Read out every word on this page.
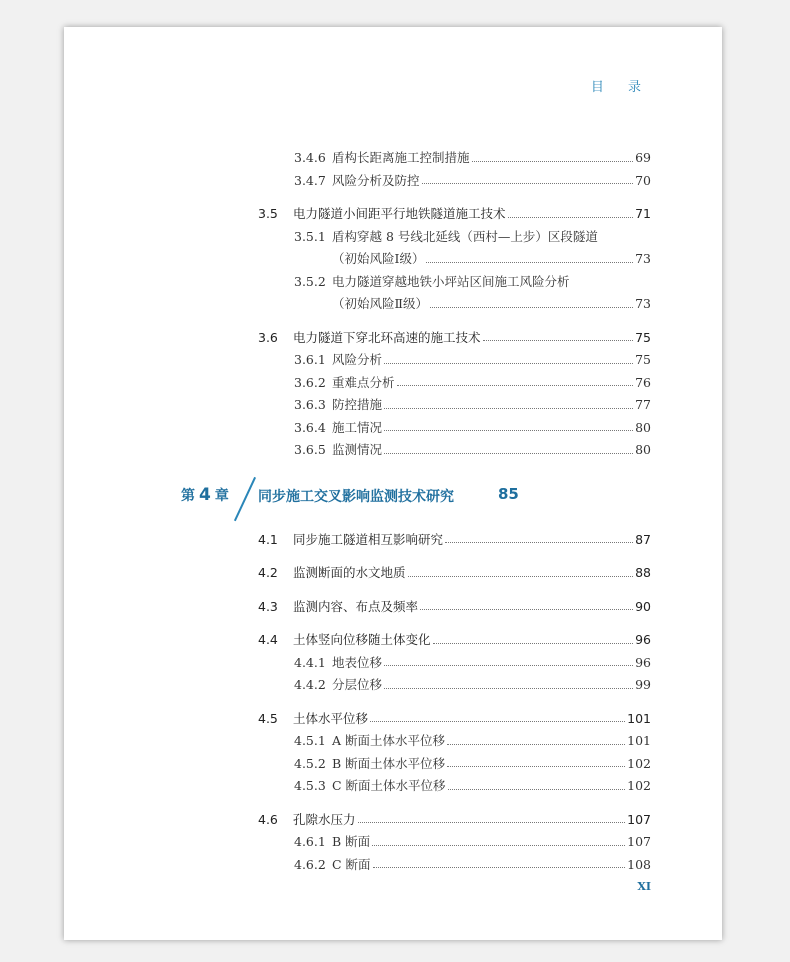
目 录
3.4.6 盾构长距离施工控制措施	69
3.4.7 风险分析及防控	70
3.5 电力隧道小间距平行地铁隧道施工技术	71
3.5.1 盾构穿越 8 号线北延线（西村—上步）区段隧道
（初始风险Ⅰ级）	73
3.5.2 电力隧道穿越地铁小坪站区间施工风险分析
（初始风险Ⅱ级）	73
3.6 电力隧道下穿北环高速的施工技术	75
3.6.1 风险分析	75
3.6.2 重难点分析	76
3.6.3 防控措施	77
3.6.4 施工情况	80
3.6.5 监测情况	80
第 4 章 同步施工交叉影响监测技术研究	85
4.1 同步施工隧道相互影响研究	87
4.2 监测断面的水文地质	88
4.3 监测内容、布点及频率	90
4.4 土体竖向位移随土体变化	96
4.4.1 地表位移	96
4.4.2 分层位移	99
4.5 土体水平位移	101
4.5.1 A 断面土体水平位移	101
4.5.2 B 断面土体水平位移	102
4.5.3 C 断面土体水平位移	102
4.6 孔隙水压力	107
4.6.1 B 断面	107
4.6.2 C 断面	108
XI
